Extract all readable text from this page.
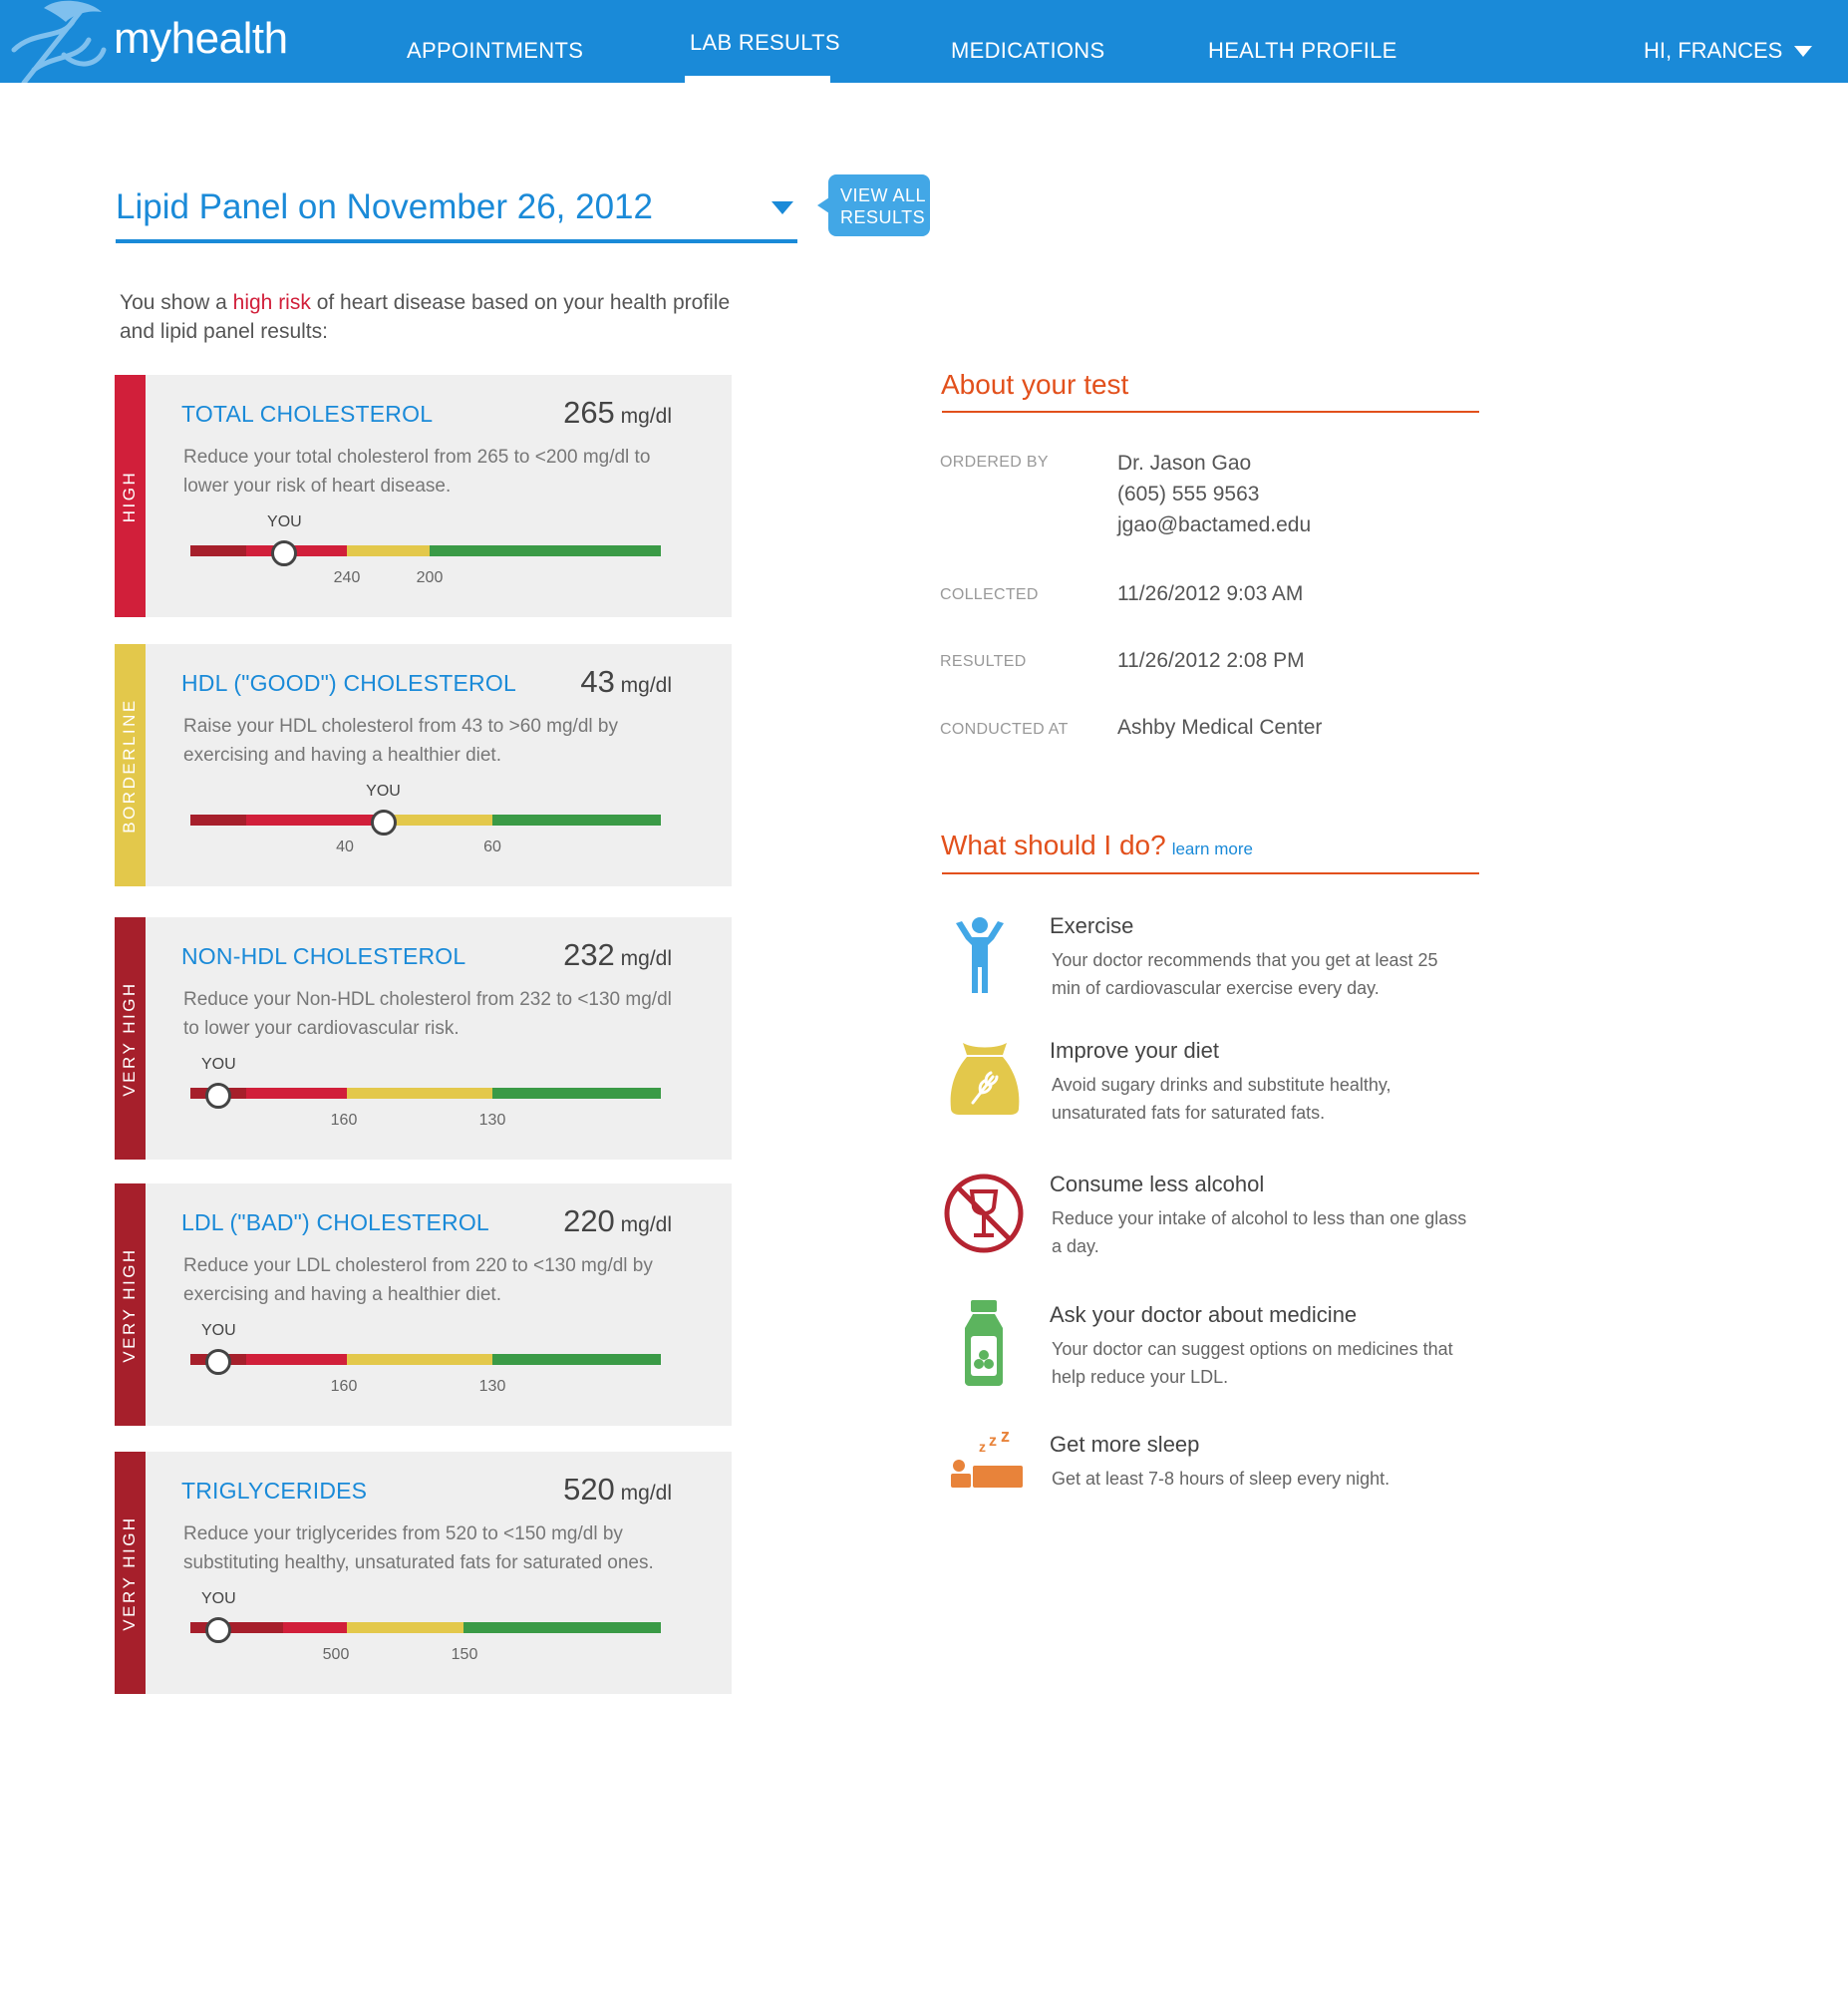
myhealth	APPOINTMENTS	LAB RESULTS	MEDICATIONS	HEALTH PROFILE	HI, FRANCES
Lipid Panel on November 26, 2012	VIEW ALL RESULTS
You show a high risk of heart disease based on your health profile and lipid panel results:
HIGH
TOTAL CHOLESTEROL	265 mg/dl
Reduce your total cholesterol from 265 to <200 mg/dl to lower your risk of heart disease.
YOU
240	200
BORDERLINE
HDL ("GOOD") CHOLESTEROL 43 mg/dl
Raise your HDL cholesterol from 43 to >60 mg/dl by exercising and having a healthier diet.
YOU
40	60
VERY HIGH
NON-HDL CHOLESTEROL	232 mg/dl
Reduce your Non-HDL cholesterol from 232 to <130 mg/dl to lower your cardiovascular risk.
YOU
160	130
VERY HIGH
LDL ("BAD") CHOLESTEROL 220 mg/dl
Reduce your LDL cholesterol from 220 to <130 mg/dl by exercising and having a healthier diet.
YOU
160	130
VERY HIGH
TRIGLYCERIDES	520 mg/dl
Reduce your triglycerides from 520 to <150 mg/dl by substituting healthy, unsaturated fats for saturated ones.
YOU
500	150
About your test
ORDERED BY	Dr. Jason Gao
(605) 555 9563
jgao@bactamed.edu
COLLECTED	11/26/2012 9:03 AM
RESULTED	11/26/2012 2:08 PM
CONDUCTED AT Ashby Medical Center
What should I do? learn more
Exercise
Your doctor recommends that you get at least 25 min of cardiovascular exercise every day.
Improve your diet
Avoid sugary drinks and substitute healthy, unsaturated fats for saturated fats.
Consume less alcohol
Reduce your intake of alcohol to less than one glass a day.
Ask your doctor about medicine
Your doctor can suggest options on medicines that help reduce your LDL.
z z z Get more sleep
Get at least 7-8 hours of sleep every night.
